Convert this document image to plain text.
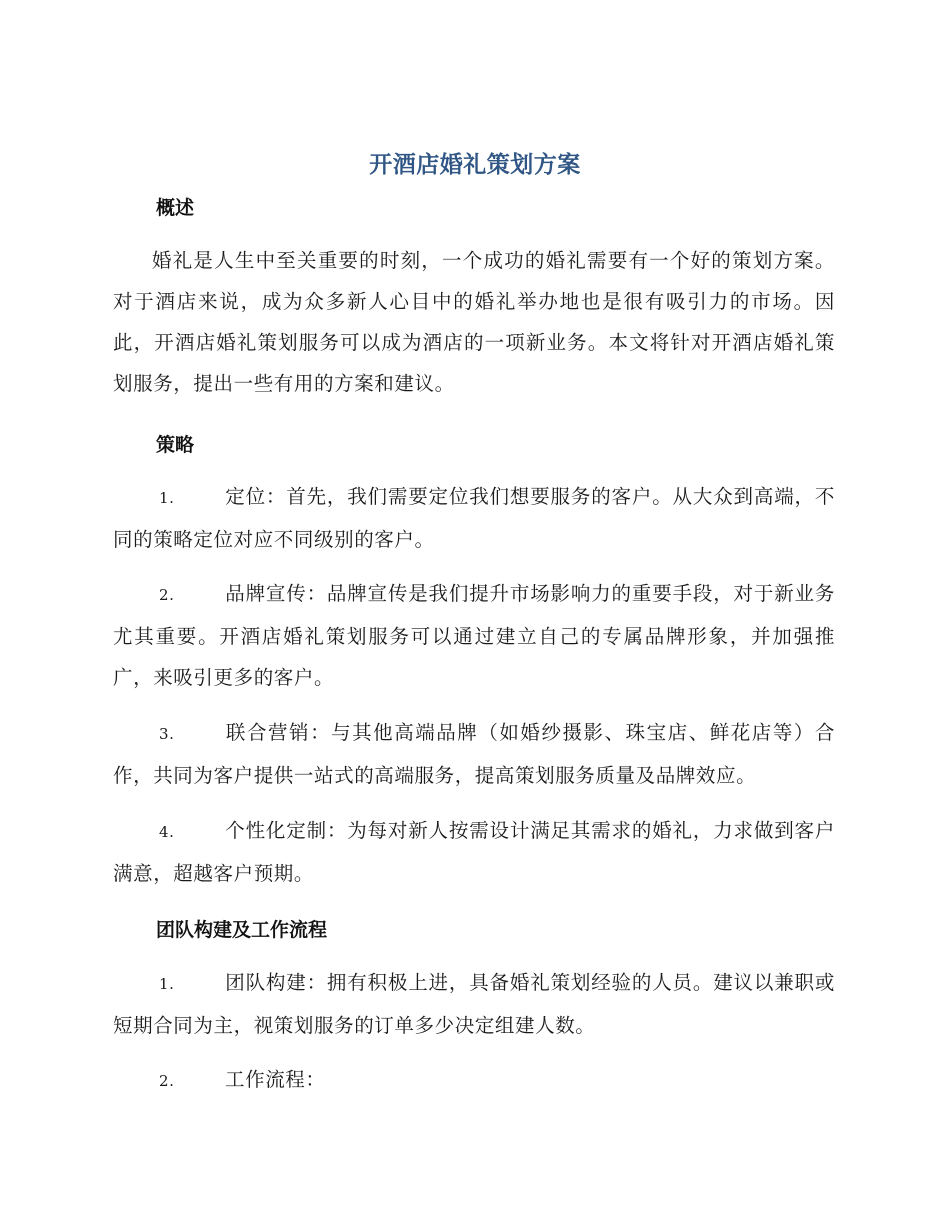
开酒店婚礼策划方案
概述
婚礼是人生中至关重要的时刻，一个成功的婚礼需要有一个好的策划方案。对于酒店来说，成为众多新人心目中的婚礼举办地也是很有吸引力的市场。因此，开酒店婚礼策划服务可以成为酒店的一项新业务。本文将针对开酒店婚礼策划服务，提出一些有用的方案和建议。
策略
1.	定位：首先，我们需要定位我们想要服务的客户。从大众到高端，不同的策略定位对应不同级别的客户。
2.	品牌宣传：品牌宣传是我们提升市场影响力的重要手段，对于新业务尤其重要。开酒店婚礼策划服务可以通过建立自己的专属品牌形象，并加强推广，来吸引更多的客户。
3.	联合营销：与其他高端品牌（如婚纱摄影、珠宝店、鲜花店等）合作，共同为客户提供一站式的高端服务，提高策划服务质量及品牌效应。
4.	个性化定制：为每对新人按需设计满足其需求的婚礼，力求做到客户满意，超越客户预期。
团队构建及工作流程
1.	团队构建：拥有积极上进，具备婚礼策划经验的人员。建议以兼职或短期合同为主，视策划服务的订单多少决定组建人数。
2.	工作流程：
